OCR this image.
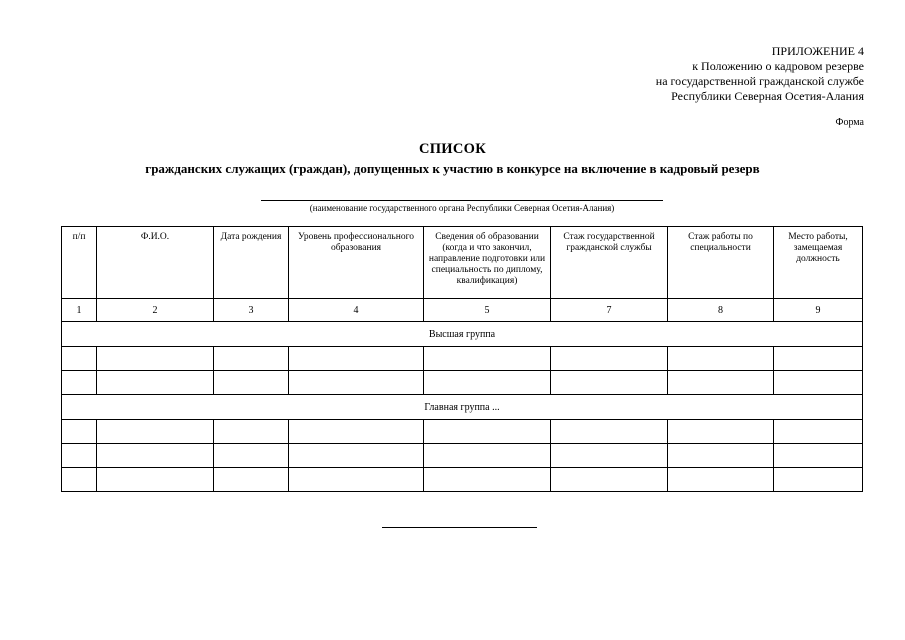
ПРИЛОЖЕНИЕ 4
к Положению о кадровом резерве
на государственной гражданской службе
Республики Северная Осетия-Алания
Форма
СПИСОК
гражданских служащих (граждан), допущенных к участию в конкурсе на включение в кадровый резерв
(наименование государственного органа Республики Северная Осетия-Алания)
п/п	Ф.И.О.	Дата рождения	Уровень профессионального образования	Сведения об образовании (когда и что закончил, направление подготовки или специальность по диплому, квалификация)	Стаж государственной гражданской службы	Стаж работы по специальности	Место работы, замещаемая должность
1	2	3	4	5	7	8	9
Высшая группа							

Главная группа ...							
